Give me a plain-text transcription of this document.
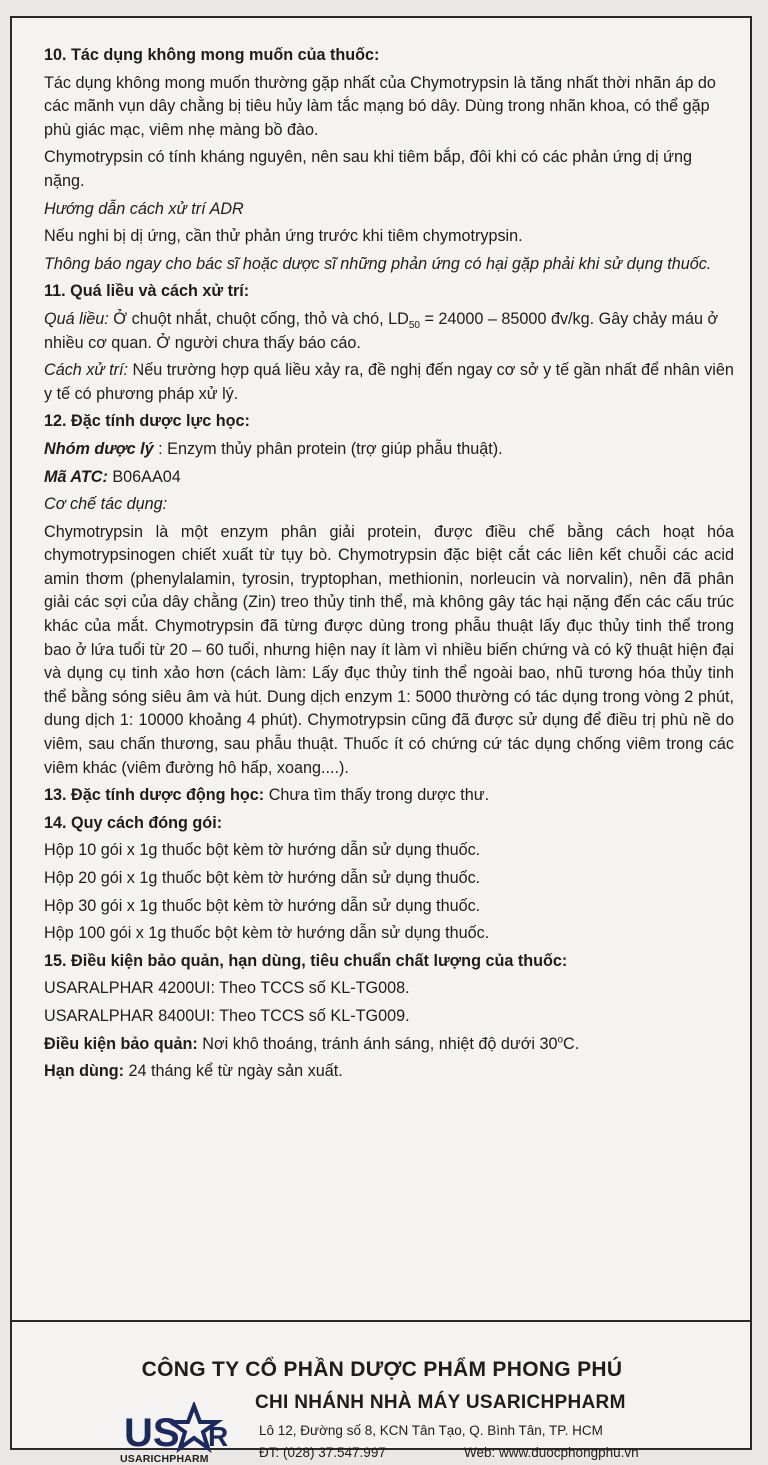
10. Tác dụng không mong muốn của thuốc:

Tác dụng không mong muốn thường gặp nhất của Chymotrypsin là tăng nhất thời nhãn áp do các mãnh vụn dây chằng bị tiêu hủy làm tắc mạng bó dây. Dùng trong nhãn khoa, có thể gặp phù giác mạc, viêm nhẹ màng bồ đào.

Chymotrypsin có tính kháng nguyên, nên sau khi tiêm bắp, đôi khi có các phản ứng dị ứng nặng.

Hướng dẫn cách xử trí ADR

Nếu nghi bị dị ứng, cần thử phản ứng trước khi tiêm chymotrypsin.

Thông báo ngay cho bác sĩ hoặc dược sĩ những phản ứng có hại gặp phải khi sử dụng thuốc.

11. Quá liều và cách xử trí:

Quá liều: Ở chuột nhắt, chuột cống, thỏ và chó, $LD_{50} = 24000 - 85000$ đv/kg. Gây chảy máu ở nhiều cơ quan. Ở người chưa thấy báo cáo.

Cách xử trí: Nếu trường hợp quá liều xảy ra, đề nghị đến ngay cơ sở y tế gần nhất để nhân viên y tế có phương pháp xử lý.

12. Đặc tính dược lực học:

Nhóm dược lý : Enzym thủy phân protein (trợ giúp phẫu thuật).

Mã ATC: B06AA04

Cơ chế tác dụng:

Chymotrypsin là một enzym phân giải protein, được điều chế bằng cách hoạt hóa chymotrypsinogen chiết xuất từ tụy bò. Chymotrypsin đặc biệt cắt các liên kết chuỗi các acid amin thơm (phenylalamin, tyrosin, tryptophan, methionin, norleucin và norvalin), nên đã phân giải các sợi của dây chằng (Zin) treo thủy tinh thể, mà không gây tác hại nặng đến các cấu trúc khác của mắt. Chymotrypsin đã từng được dùng trong phẫu thuật lấy đục thủy tinh thể trong bao ở lứa tuổi từ 20 – 60 tuổi, nhưng hiện nay ít làm vì nhiều biến chứng và có kỹ thuật hiện đại và dụng cụ tinh xảo hơn (cách làm: Lấy đục thủy tinh thể ngoài bao, nhũ tương hóa thủy tinh thể bằng sóng siêu âm và hút. Dung dịch enzym 1: 5000 thường có tác dụng trong vòng 2 phút, dung dịch 1: 10000 khoảng 4 phút). Chymotrypsin cũng đã được sử dụng để điều trị phù nề do viêm, sau chấn thương, sau phẫu thuật. Thuốc ít có chứng cứ tác dụng chống viêm trong các viêm khác (viêm đường hô hấp, xoang....).

13. Đặc tính dược động học: Chưa tìm thấy trong dược thư.

14. Quy cách đóng gói:

Hộp 10 gói x 1g thuốc bột kèm tờ hướng dẫn sử dụng thuốc.

Hộp 20 gói x 1g thuốc bột kèm tờ hướng dẫn sử dụng thuốc.

Hộp 30 gói x 1g thuốc bột kèm tờ hướng dẫn sử dụng thuốc.

Hộp 100 gói x 1g thuốc bột kèm tờ hướng dẫn sử dụng thuốc.

15. Điều kiện bảo quản, hạn dùng, tiêu chuẩn chất lượng của thuốc:

USARALPHAR 4200UI: Theo TCCS số KL-TG008.

USARALPHAR 8400UI: Theo TCCS số KL-TG009.

Điều kiện bảo quản: Nơi khô thoáng, tránh ánh sáng, nhiệt độ dưới 30$^o$C.

Hạn dùng: 24 tháng kể từ ngày sản xuất.

CÔNG TY CỔ PHẦN DƯỢC PHẨM PHONG PHÚ
US R
USARICHPHARM
CHI NHÁNH NHÀ MÁY USARICHPHARM
Lô 12, Đường số 8, KCN Tân Tạo, Q. Bình Tân, TP. HCM
ĐT: (028) 37.547.997	Web: www.duocphongphu.vn
